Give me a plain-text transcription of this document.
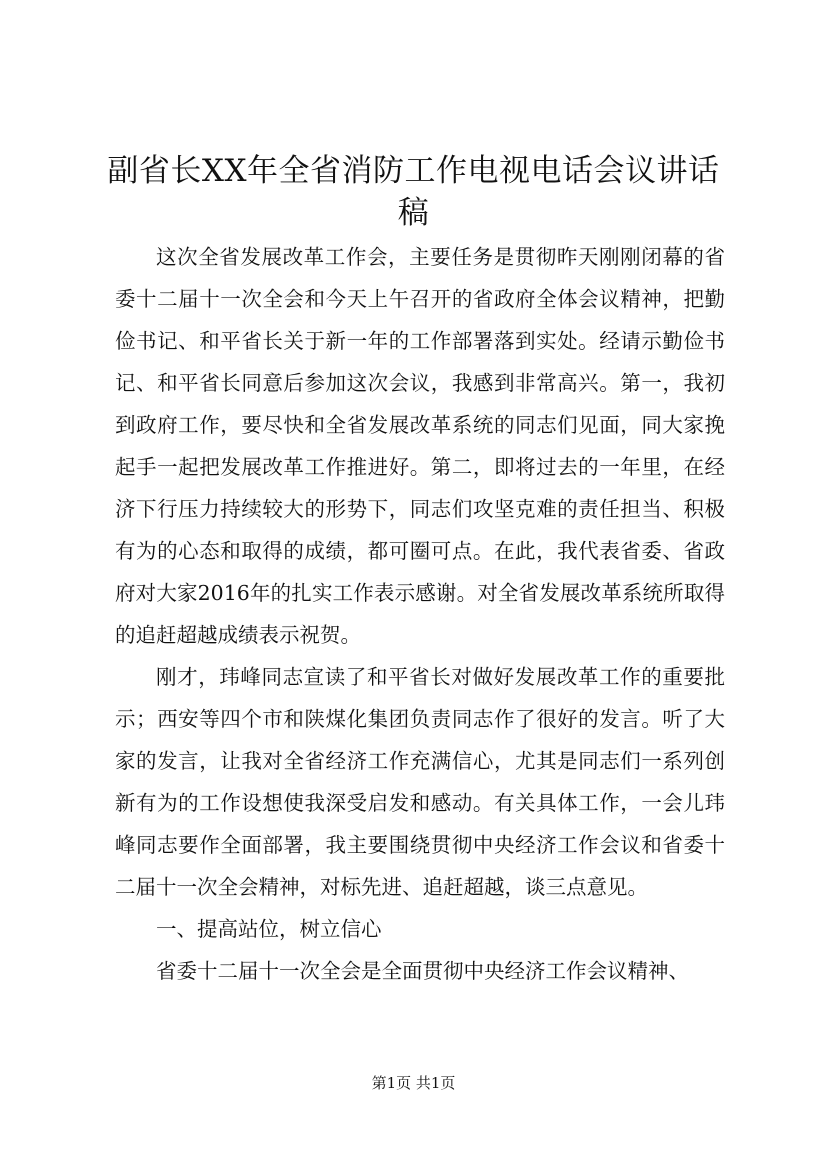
副省长XX年全省消防工作电视电话会议讲话稿

这次全省发展改革工作会，主要任务是贯彻昨天刚刚闭幕的省委十二届十一次全会和今天上午召开的省政府全体会议精神，把勤俭书记、和平省长关于新一年的工作部署落到实处。经请示勤俭书记、和平省长同意后参加这次会议，我感到非常高兴。第一，我初到政府工作，要尽快和全省发展改革系统的同志们见面，同大家挽起手一起把发展改革工作推进好。第二，即将过去的一年里，在经济下行压力持续较大的形势下，同志们攻坚克难的责任担当、积极有为的心态和取得的成绩，都可圈可点。在此，我代表省委、省政府对大家2016年的扎实工作表示感谢。对全省发展改革系统所取得的追赶超越成绩表示祝贺。

刚才，玮峰同志宣读了和平省长对做好发展改革工作的重要批示；西安等四个市和陕煤化集团负责同志作了很好的发言。听了大家的发言，让我对全省经济工作充满信心，尤其是同志们一系列创新有为的工作设想使我深受启发和感动。有关具体工作，一会儿玮峰同志要作全面部署，我主要围绕贯彻中央经济工作会议和省委十二届十一次全会精神，对标先进、追赶超越，谈三点意见。

一、提高站位，树立信心

省委十二届十一次全会是全面贯彻中央经济工作会议精神、

第1页 共1页
